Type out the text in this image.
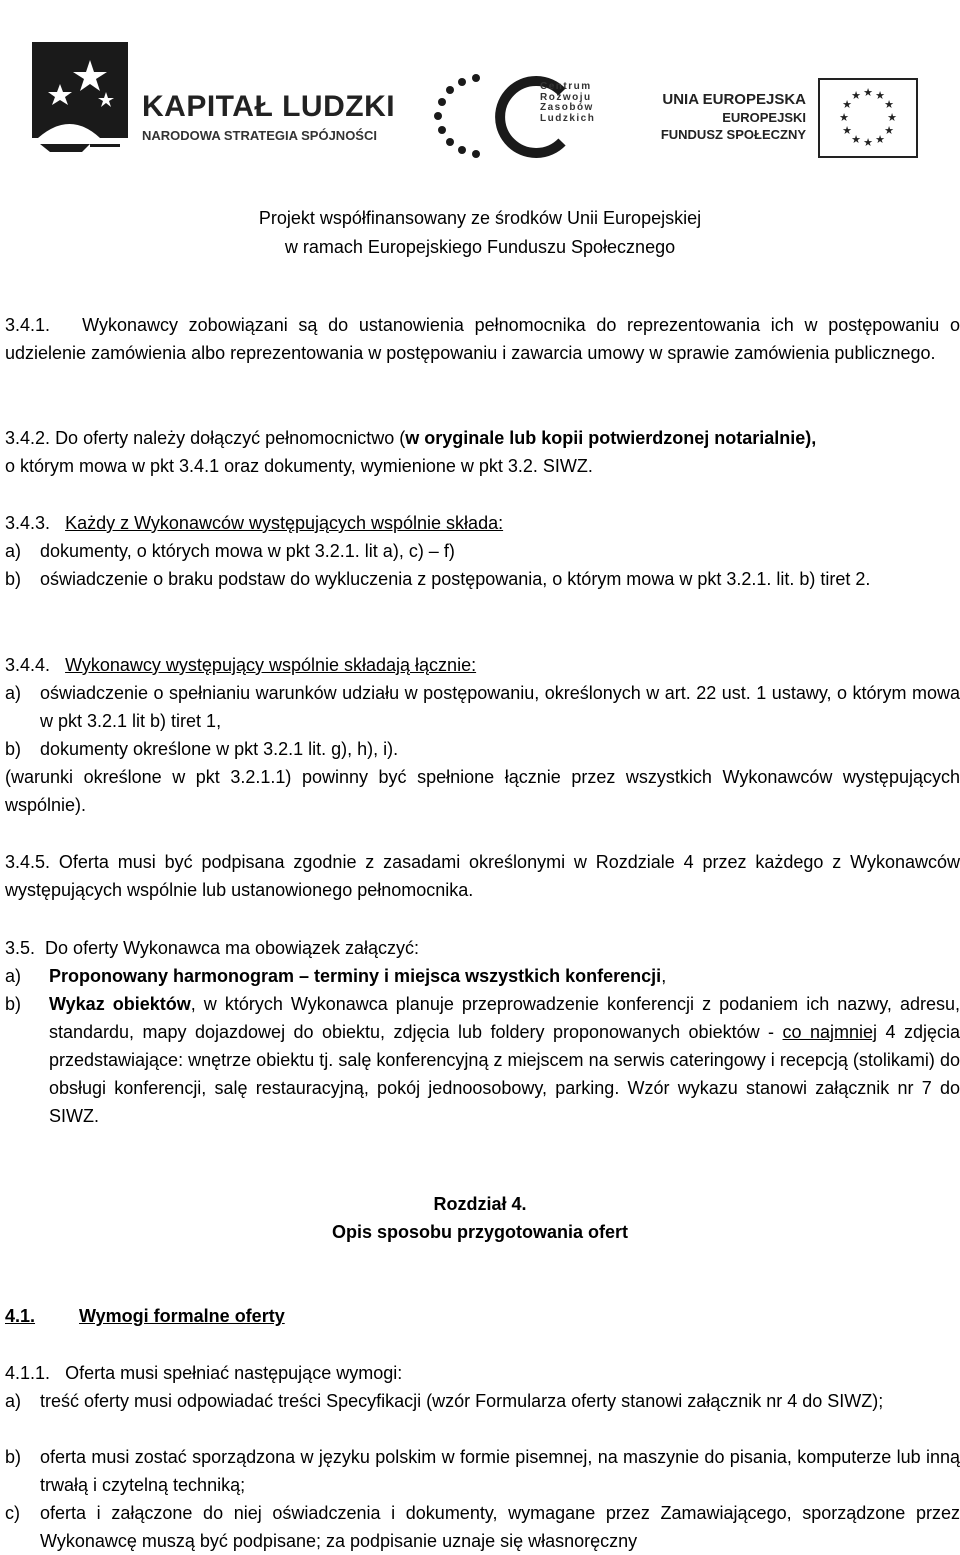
KAPITAŁ LUDZKI
NARODOWA STRATEGIA SPÓJNOŚCI
Centrum
Rozwoju
Zasobów
Ludzkich
UNIA EUROPEJSKA
EUROPEJSKI
FUNDUSZ SPOŁECZNY
★ ★
★
★
★
★
★
★
★
★
★
★
Projekt współfinansowany ze środków Unii Europejskiej
w ramach Europejskiego Funduszu Społecznego
3.4.1. Wykonawcy zobowiązani są do ustanowienia pełnomocnika do reprezentowania ich w postępowaniu o udzielenie zamówienia albo reprezentowania w postępowaniu i zawarcia umowy w sprawie zamówienia publicznego.
3.4.2. Do oferty należy dołączyć pełnomocnictwo (w oryginale lub kopii potwierdzonej notarialnie),
o którym mowa w pkt 3.4.1 oraz dokumenty, wymienione w pkt 3.2. SIWZ.
3.4.3. Każdy z Wykonawców występujących wspólnie składa:
a) dokumenty, o których mowa w pkt 3.2.1. lit a), c) – f)
b) oświadczenie o braku podstaw do wykluczenia z postępowania, o którym mowa w pkt 3.2.1. lit. b) tiret 2.
3.4.4. Wykonawcy występujący wspólnie składają łącznie:
a) oświadczenie o spełnianiu warunków udziału w postępowaniu, określonych w art. 22 ust. 1 ustawy, o którym mowa w pkt 3.2.1 lit b) tiret 1,
b) dokumenty określone w pkt 3.2.1 lit. g), h), i).
(warunki określone w pkt 3.2.1.1) powinny być spełnione łącznie przez wszystkich Wykonawców występujących wspólnie).
3.4.5. Oferta musi być podpisana zgodnie z zasadami określonymi w Rozdziale 4 przez każdego z Wykonawców występujących wspólnie lub ustanowionego pełnomocnika.
3.5. Do oferty Wykonawca ma obowiązek załączyć:
a) Proponowany harmonogram – terminy i miejsca wszystkich konferencji,
b) Wykaz obiektów, w których Wykonawca planuje przeprowadzenie konferencji z podaniem ich nazwy, adresu, standardu, mapy dojazdowej do obiektu, zdjęcia lub foldery proponowanych obiektów - co najmniej 4 zdjęcia przedstawiające: wnętrze obiektu tj. salę konferencyjną z miejscem na serwis cateringowy i recepcją (stolikami) do obsługi konferencji, salę restauracyjną, pokój jednoosobowy, parking. Wzór wykazu stanowi załącznik nr 7 do SIWZ.
Rozdział 4.
Opis sposobu przygotowania ofert
4.1. Wymogi formalne oferty
4.1.1. Oferta musi spełniać następujące wymogi:
a) treść oferty musi odpowiadać treści Specyfikacji (wzór Formularza oferty stanowi załącznik nr 4 do SIWZ);
b) oferta musi zostać sporządzona w języku polskim w formie pisemnej, na maszynie do pisania, komputerze lub inną trwałą i czytelną techniką;
c) oferta i załączone do niej oświadczenia i dokumenty, wymagane przez Zamawiającego, sporządzone przez Wykonawcę muszą być podpisane; za podpisanie uznaje się własnoręczny
